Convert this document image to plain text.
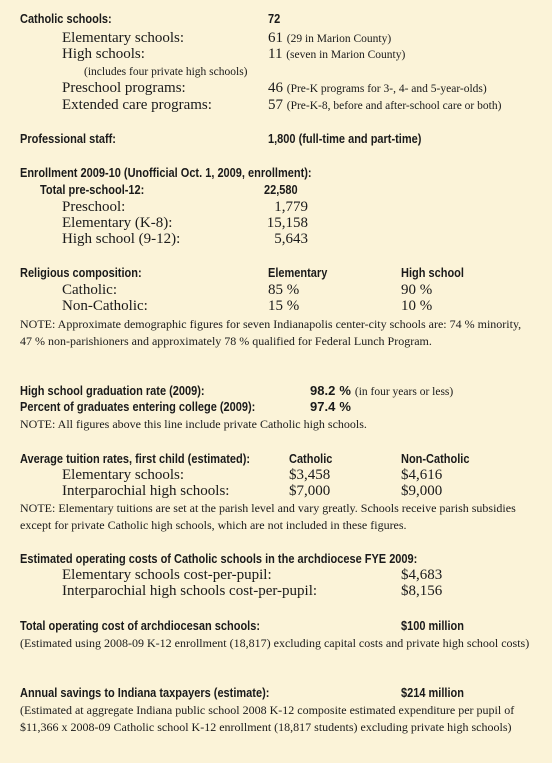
Catholic schools:	72
Elementary schools:	61 (29 in Marion County)
High schools:	11 (seven in Marion County)
(includes four private high schools)
Preschool programs:	46 (Pre-K programs for 3-, 4- and 5-year-olds)
Extended care programs:	57 (Pre-K-8, before and after-school care or both)
Professional staff:	1,800 (full-time and part-time)
Enrollment 2009-10 (Unofficial Oct. 1, 2009, enrollment):
Total pre-school-12:	22,580
Preschool:	1,779
Elementary (K-8):	15,158
High school (9-12):	5,643
Religious composition:	Elementary	High school
Catholic:	85 %	90 %
Non-Catholic:	15 %	10 %
NOTE: Approximate demographic figures for seven Indianapolis center-city schools are: 74 % minority, 47 % non-parishioners and approximately 78 % qualified for Federal Lunch Program.
High school graduation rate (2009):	98.2 % (in four years or less)
Percent of graduates entering college (2009):	97.4 %
NOTE: All figures above this line include private Catholic high schools.
Average tuition rates, first child (estimated):	Catholic	Non-Catholic
Elementary schools:	$3,458	$4,616
Interparochial high schools:	$7,000	$9,000
NOTE: Elementary tuitions are set at the parish level and vary greatly. Schools receive parish subsidies except for private Catholic high schools, which are not included in these figures.
Estimated operating costs of Catholic schools in the archdiocese FYE 2009:
Elementary schools cost-per-pupil:	$4,683
Interparochial high schools cost-per-pupil:	$8,156
Total operating cost of archdiocesan schools:	$100 million
(Estimated using 2008-09 K-12 enrollment (18,817) excluding capital costs and private high school costs)
Annual savings to Indiana taxpayers (estimate):	$214 million
(Estimated at aggregate Indiana public school 2008 K-12 composite estimated expenditure per pupil of $11,366 x 2008-09 Catholic school K-12 enrollment (18,817 students) excluding private high schools)
